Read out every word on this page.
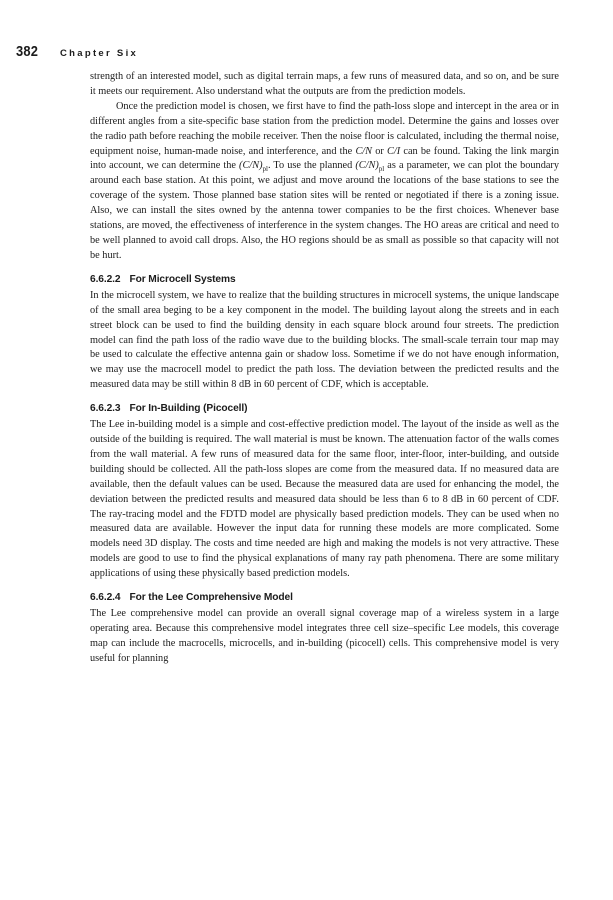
382	Chapter Six

strength of an interested model, such as digital terrain maps, a few runs of measured data, and so on, and be sure it meets our requirement. Also understand what the outputs are from the prediction models.

Once the prediction model is chosen, we first have to find the path-loss slope and intercept in the area or in different angles from a site-specific base station from the prediction model. Determine the gains and losses over the radio path before reaching the mobile receiver. Then the noise floor is calculated, including the thermal noise, equipment noise, human-made noise, and interference, and the C/N or C/I can be found. Taking the link margin into account, we can determine the $(C/N)_{pl}$. To use the planned $(C/N)_{pl}$ as a parameter, we can plot the boundary around each base station. At this point, we adjust and move around the locations of the base stations to see the coverage of the system. Those planned base station sites will be rented or negotiated if there is a zoning issue. Also, we can install the sites owned by the antenna tower companies to be the first choices. Whenever base stations, are moved, the effectiveness of interference in the system changes. The HO areas are critical and need to be well planned to avoid call drops. Also, the HO regions should be as small as possible so that capacity will not be hurt.

6.6.2.2 For Microcell Systems

In the microcell system, we have to realize that the building structures in microcell systems, the unique landscape of the small area beging to be a key component in the model. The building layout along the streets and in each street block can be used to find the building density in each square block around four streets. The prediction model can find the path loss of the radio wave due to the building blocks. The small-scale terrain tour map may be used to calculate the effective antenna gain or shadow loss. Sometime if we do not have enough information, we may use the macrocell model to predict the path loss. The deviation between the predicted results and the measured data may be still within 8 dB in 60 percent of CDF, which is acceptable.

6.6.2.3 For In-Building (Picocell)

The Lee in-building model is a simple and cost-effective prediction model. The layout of the inside as well as the outside of the building is required. The wall material is must be known. The attenuation factor of the walls comes from the wall material. A few runs of measured data for the same floor, inter-floor, inter-building, and outside building should be collected. All the path-loss slopes are come from the measured data. If no measured data are available, then the default values can be used. Because the measured data are used for enhancing the model, the deviation between the predicted results and measured data should be less than 6 to 8 dB in 60 percent of CDF. The ray-tracing model and the FDTD model are physically based prediction models. They can be used when no measured data are available. However the input data for running these models are more complicated. Some models need 3D display. The costs and time needed are high and making the models is not very attractive. These models are good to use to find the physical explanations of many ray path phenomena. There are some military applications of using these physically based prediction models.

6.6.2.4 For the Lee Comprehensive Model

The Lee comprehensive model can provide an overall signal coverage map of a wireless system in a large operating area. Because this comprehensive model integrates three cell size–specific Lee models, this coverage map can include the macrocells, microcells, and in-building (picocell) cells. This comprehensive model is very useful for planning
